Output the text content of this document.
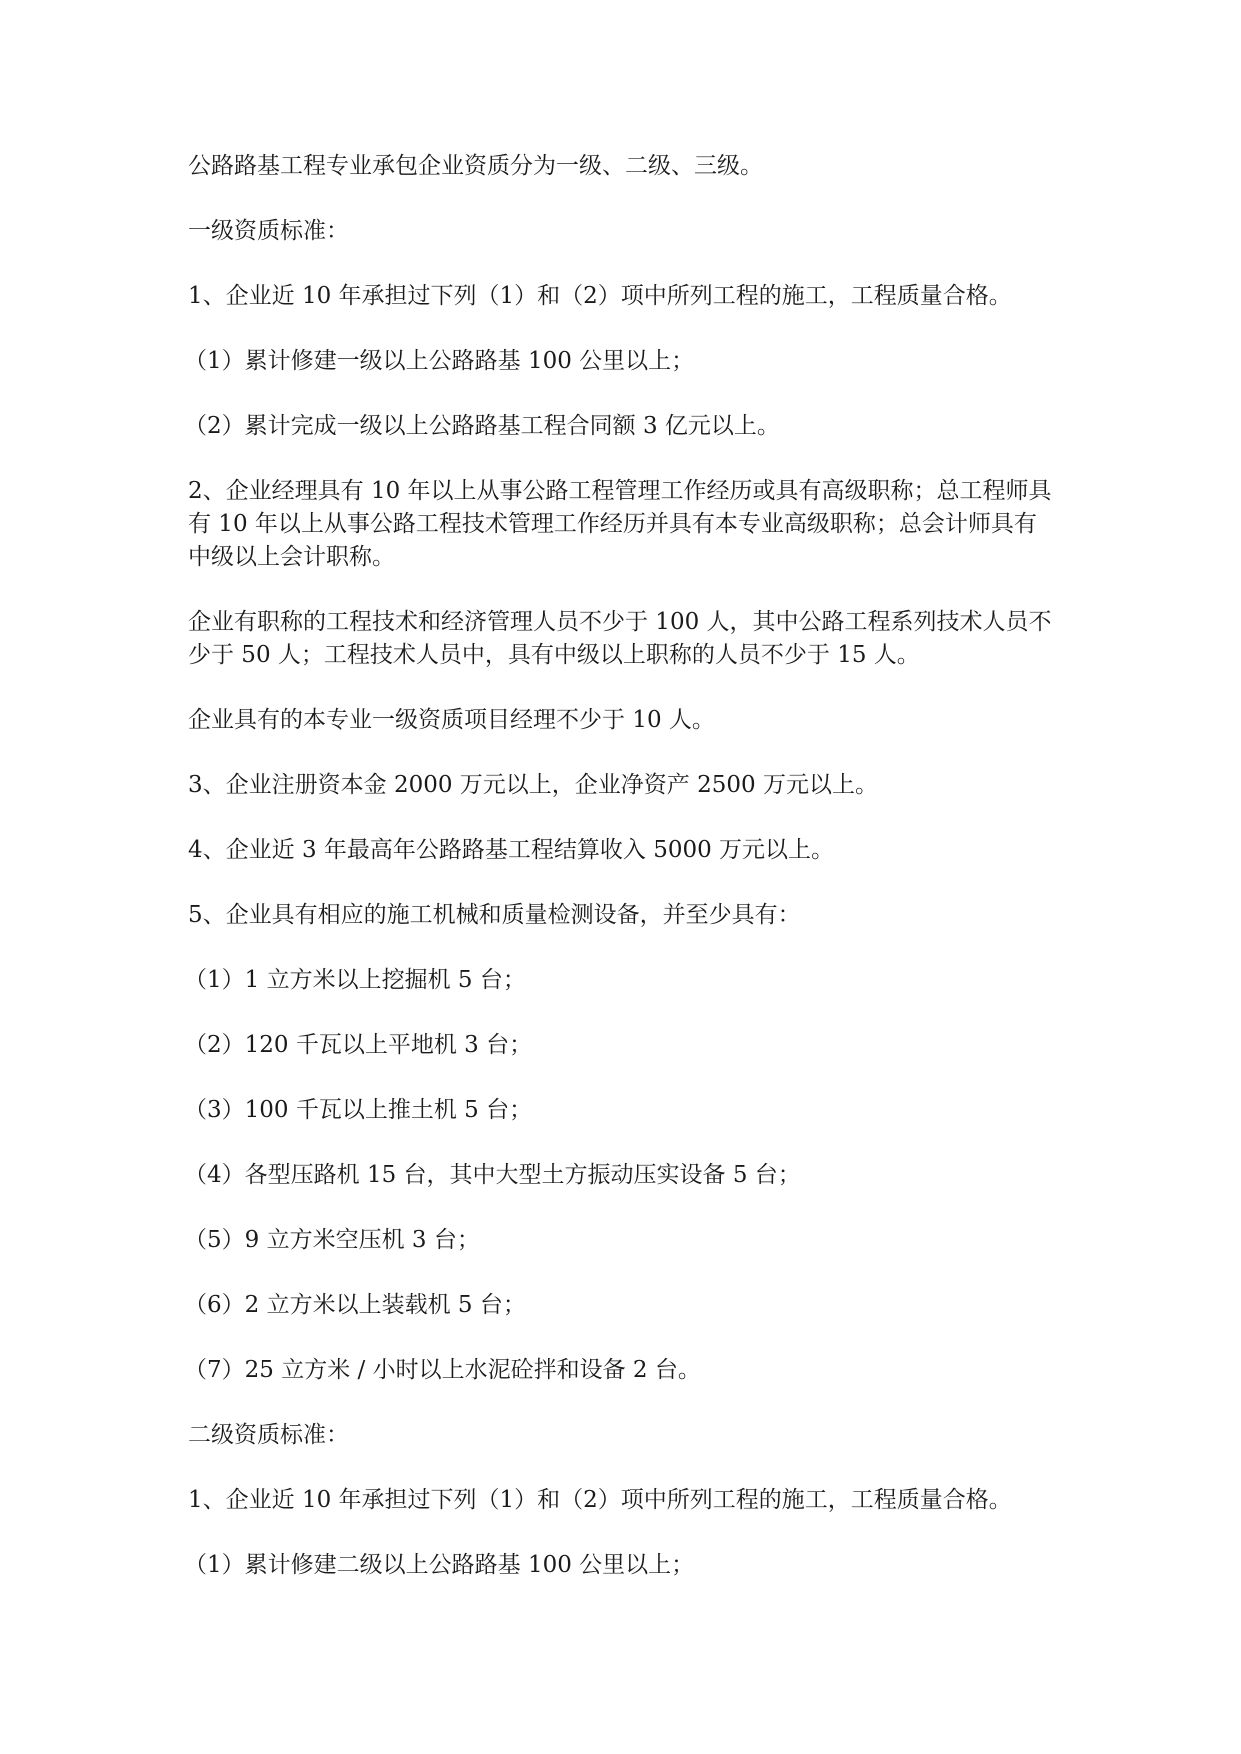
公路路基工程专业承包企业资质分为一级、二级、三级。

一级资质标准：

1、企业近 10 年承担过下列（1）和（2）项中所列工程的施工，工程质量合格。

（1）累计修建一级以上公路路基 100 公里以上；

（2）累计完成一级以上公路路基工程合同额 3 亿元以上。

2、企业经理具有 10 年以上从事公路工程管理工作经历或具有高级职称；总工程师具有 10 年以上从事公路工程技术管理工作经历并具有本专业高级职称；总会计师具有中级以上会计职称。

企业有职称的工程技术和经济管理人员不少于 100 人，其中公路工程系列技术人员不少于 50 人；工程技术人员中，具有中级以上职称的人员不少于 15 人。

企业具有的本专业一级资质项目经理不少于 10 人。

3、企业注册资本金 2000 万元以上，企业净资产 2500 万元以上。

4、企业近 3 年最高年公路路基工程结算收入 5000 万元以上。

5、企业具有相应的施工机械和质量检测设备，并至少具有：

（1）1 立方米以上挖掘机 5 台；

（2）120 千瓦以上平地机 3 台；

（3）100 千瓦以上推土机 5 台；

（4）各型压路机 15 台，其中大型土方振动压实设备 5 台；

（5）9 立方米空压机 3 台；

（6）2 立方米以上装载机 5 台；

（7）25 立方米 / 小时以上水泥砼拌和设备 2 台。

二级资质标准：

1、企业近 10 年承担过下列（1）和（2）项中所列工程的施工，工程质量合格。

（1）累计修建二级以上公路路基 100 公里以上；
